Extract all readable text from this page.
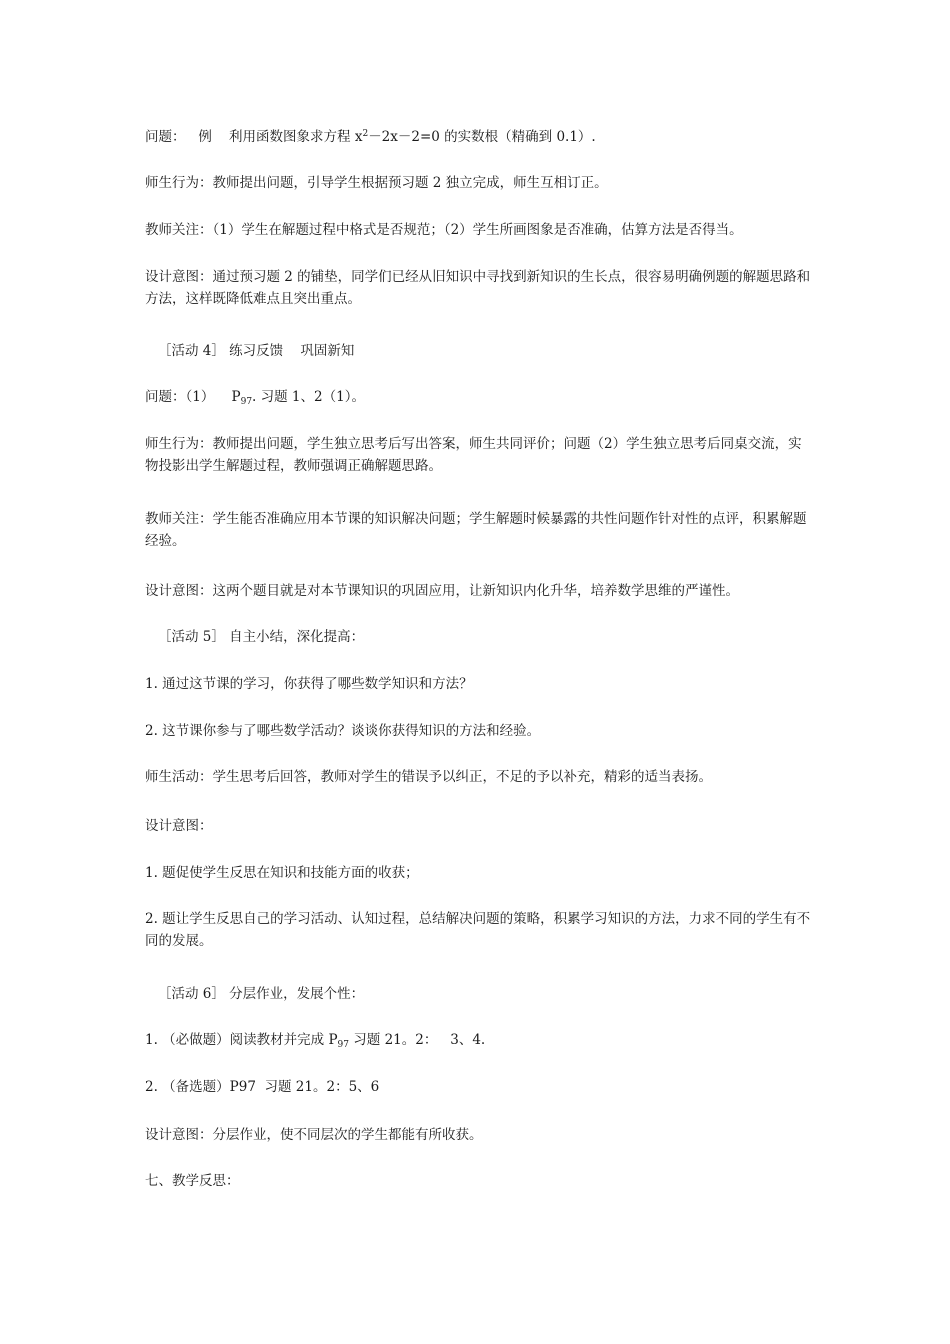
问题：   例    利用函数图象求方程 $x^2-2x-2=0$ 的实数根（精确到 0.1）.

师生行为：教师提出问题，引导学生根据预习题 2 独立完成，师生互相订正。

教师关注：（1）学生在解题过程中格式是否规范；（2）学生所画图象是否准确，估算方法是否得当。

设计意图：通过预习题 2 的铺垫，同学们已经从旧知识中寻找到新知识的生长点，很容易明确例题的解题思路和方法，这样既降低难点且突出重点。

［活动 4］ 练习反馈    巩固新知

问题：（1）    $P_{97}$. 习题 1、2（1）。

师生行为：教师提出问题，学生独立思考后写出答案，师生共同评价；问题（2）学生独立思考后同桌交流，实物投影出学生解题过程，教师强调正确解题思路。

教师关注：学生能否准确应用本节课的知识解决问题；学生解题时候暴露的共性问题作针对性的点评，积累解题经验。

设计意图：这两个题目就是对本节课知识的巩固应用，让新知识内化升华，培养数学思维的严谨性。

［活动 5］ 自主小结，深化提高：

1. 通过这节课的学习，你获得了哪些数学知识和方法？

2. 这节课你参与了哪些数学活动？谈谈你获得知识的方法和经验。

师生活动：学生思考后回答，教师对学生的错误予以纠正，不足的予以补充，精彩的适当表扬。

设计意图：

1. 题促使学生反思在知识和技能方面的收获；

2. 题让学生反思自己的学习活动、认知过程，总结解决问题的策略，积累学习知识的方法，力求不同的学生有不同的发展。

［活动 6］ 分层作业，发展个性：

1. （必做题）阅读教材并完成 $P_{97}$ 习题 21。2：   3、4.

2. （备选题）P97  习题 21。2：5、6

设计意图：分层作业，使不同层次的学生都能有所收获。

七、教学反思：
